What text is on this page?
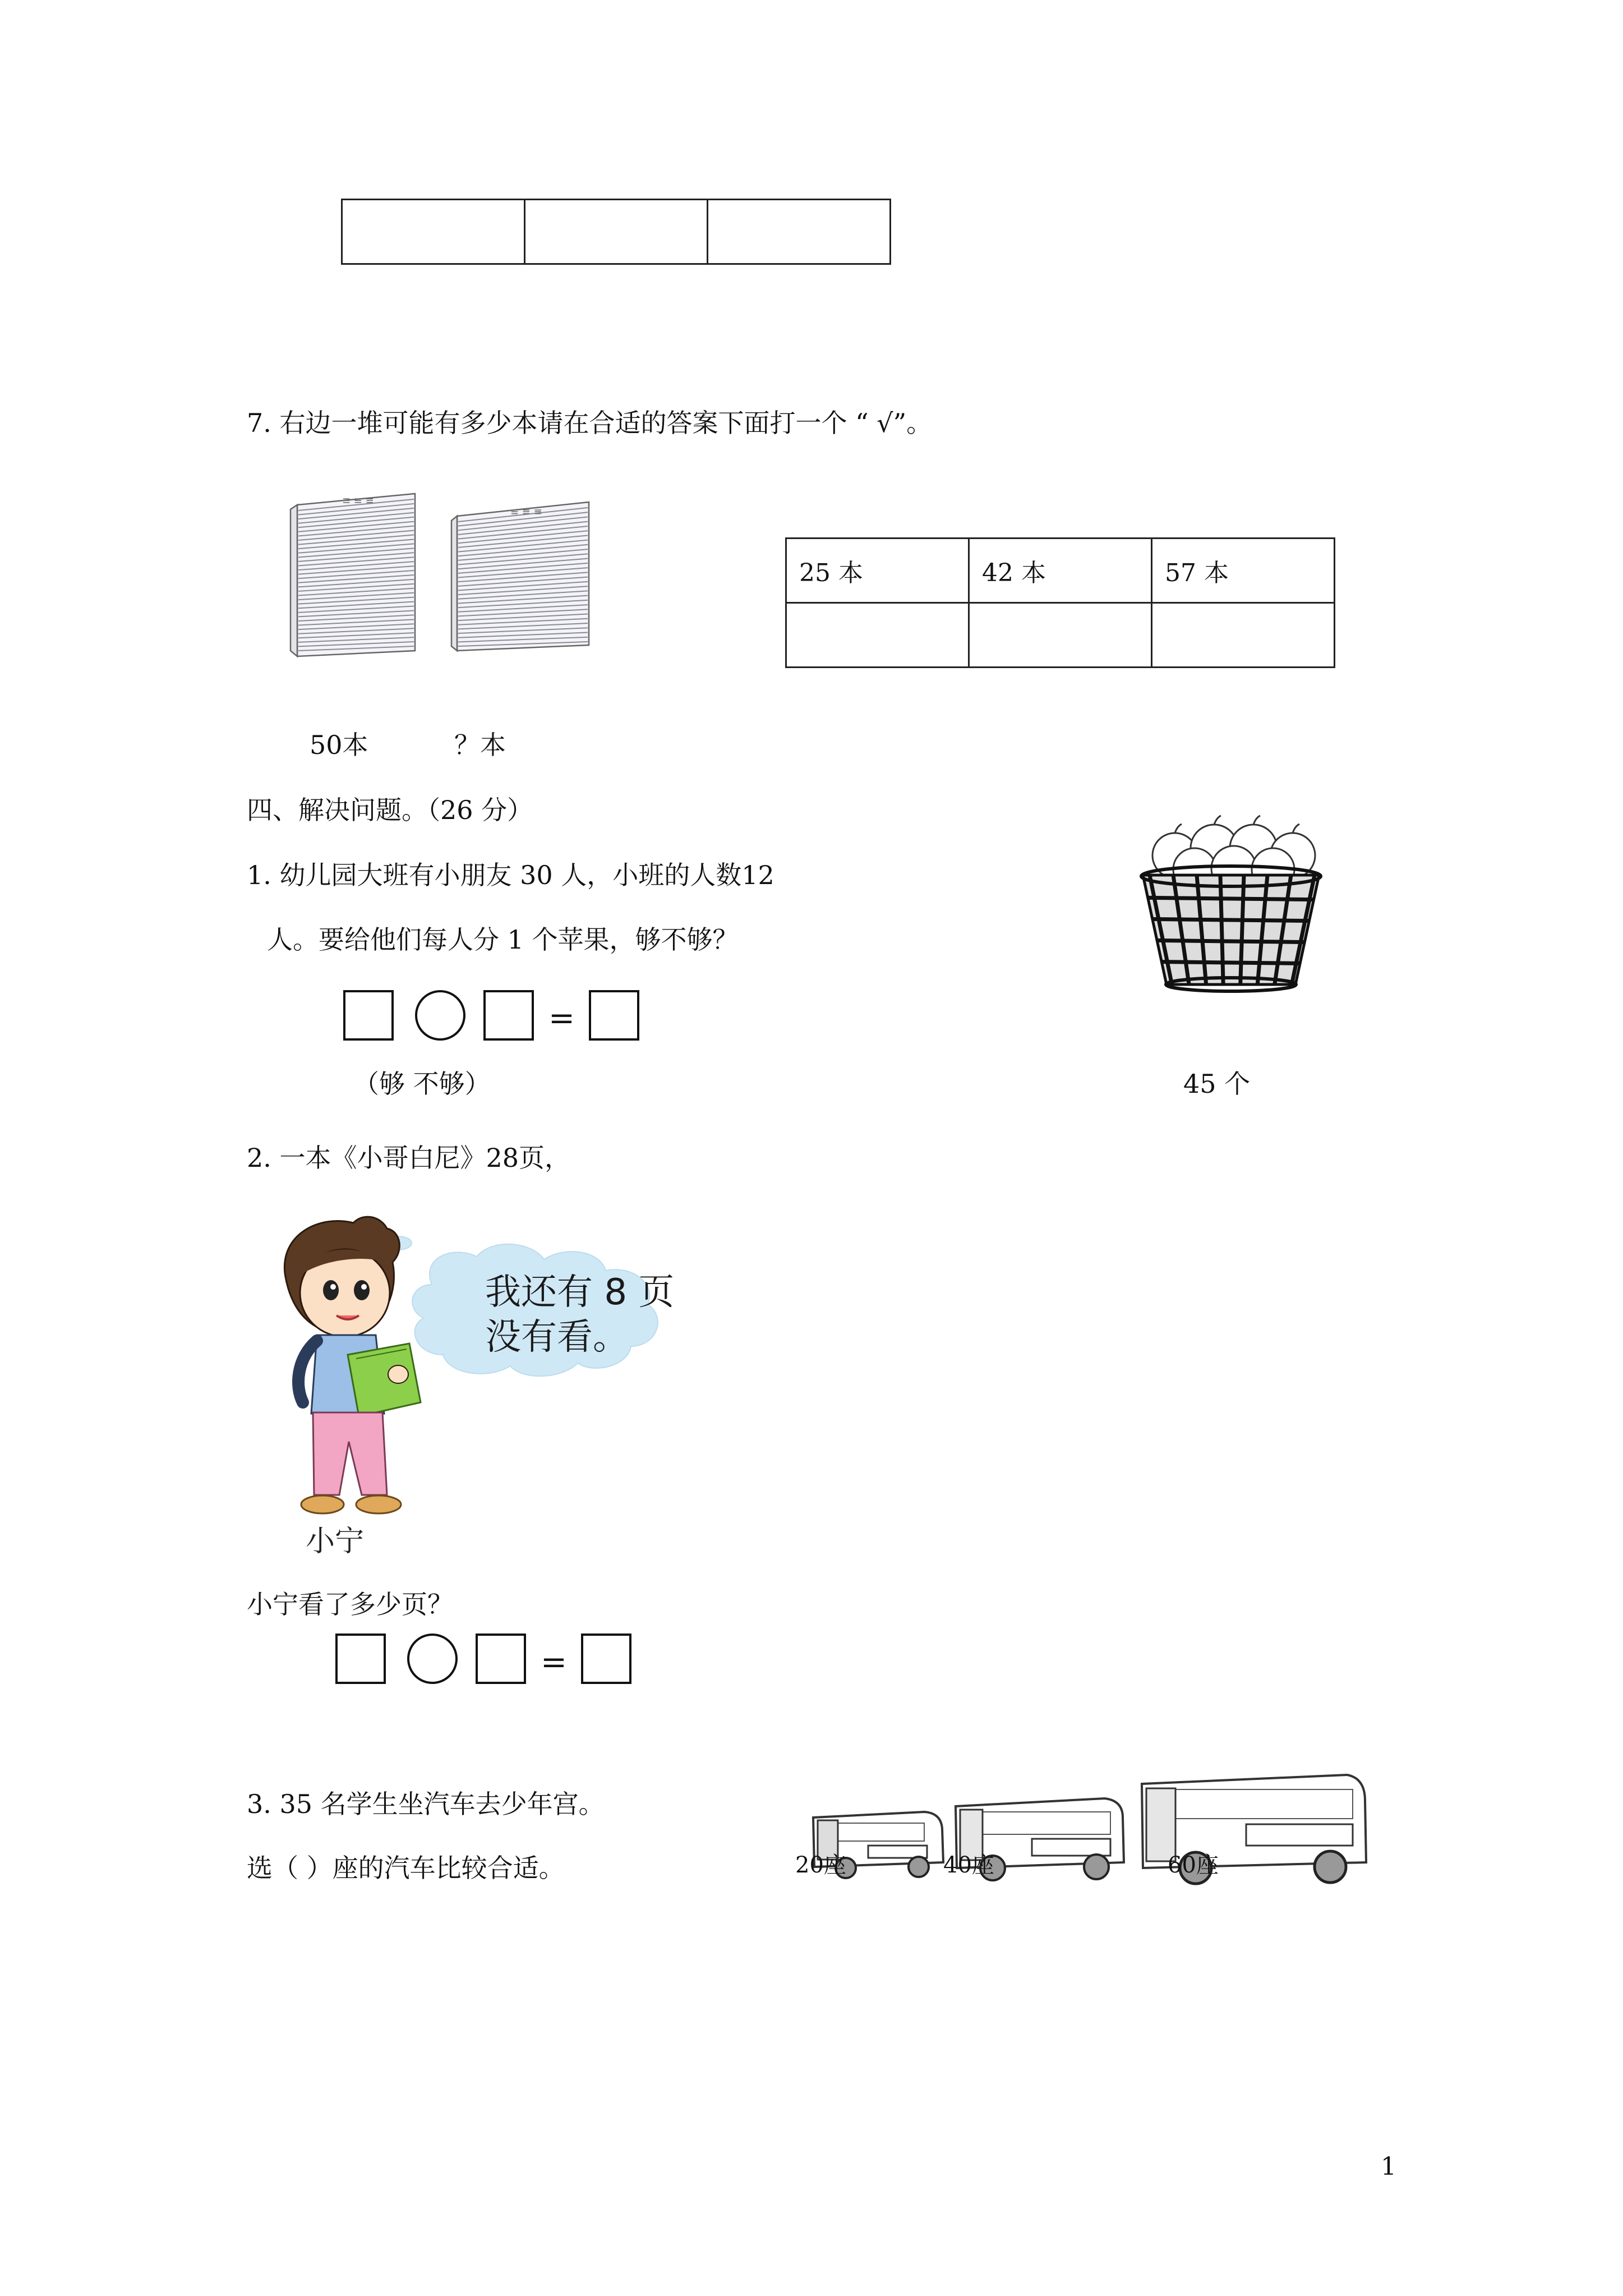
7. 右边一堆可能有多少本请在合适的答案下面打一个 “ √”。
≡ ≡ ≡
≡ ≡ ≡
25 本	42 本	57 本

50本	？本
四、解决问题。（26 分）
1. 幼儿园大班有小朋友 30 人，小班的人数12
人。要给他们每人分 1 个苹果，够不够？
=
（够 不够）	45 个
2. 一本《小哥白尼》28页，
我还有 8 页
没有看。
小宁
小宁看了多少页？
=
3. 35 名学生坐汽车去少年宫。
选（ ）座的汽车比较合适。	20座	40座	60座
1
